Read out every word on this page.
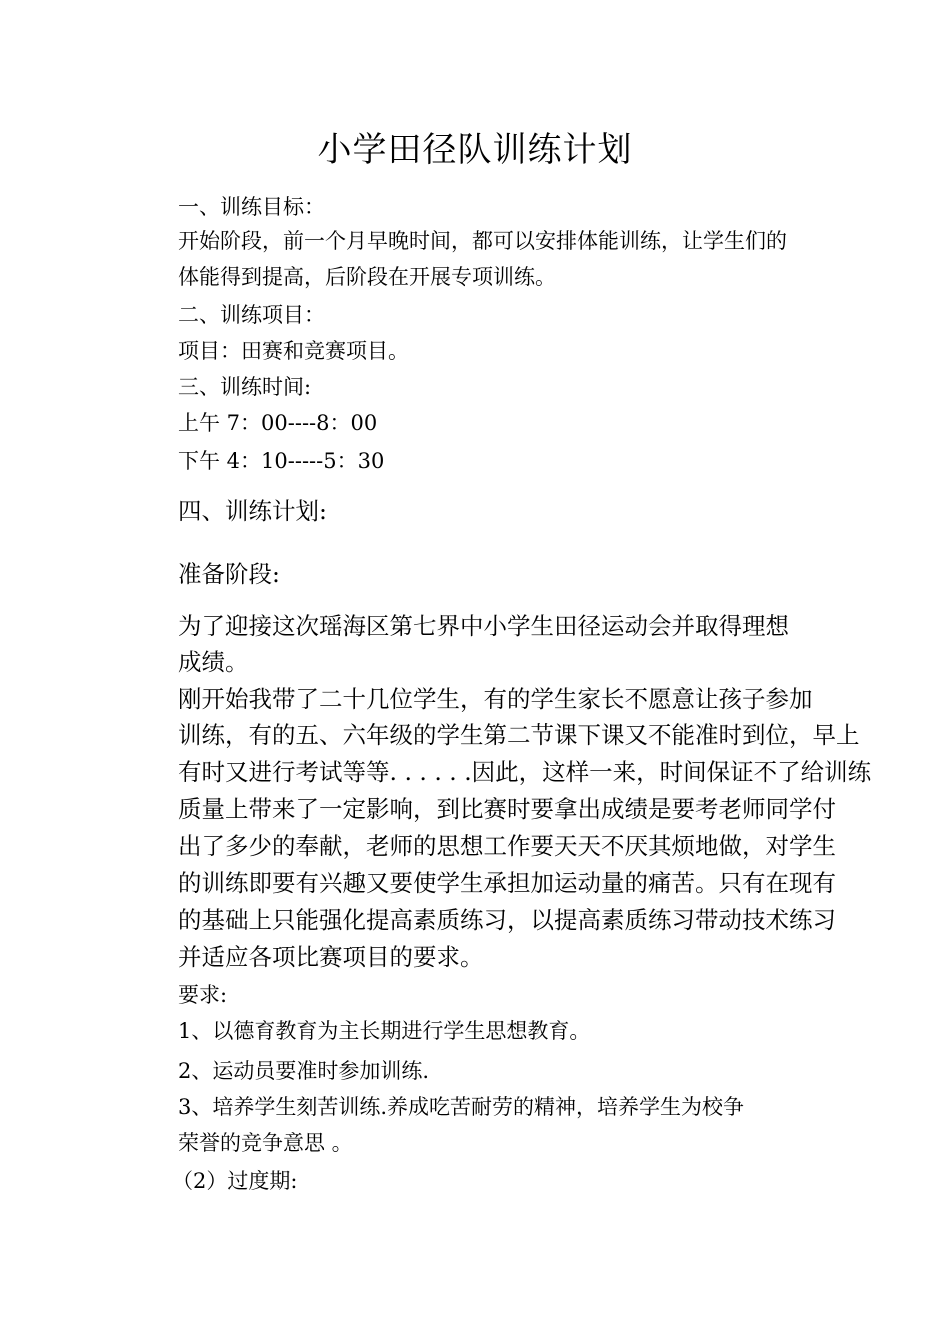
小学田径队训练计划

一、训练目标：

开始阶段，前一个月早晚时间，都可以安排体能训练，让学生们的

体能得到提高，后阶段在开展专项训练。

二、训练项目：

项目：田赛和竞赛项目。

三、训练时间:

上午 7：00----8：00

下午 4：10-----5：30

四、训练计划:

准备阶段:

为了迎接这次瑶海区第七界中小学生田径运动会并取得理想

成绩。

刚开始我带了二十几位学生，有的学生家长不愿意让孩子参加

训练，有的五、六年级的学生第二节课下课又不能准时到位，早上

有时又进行考试等等. . . . . .因此，这样一来，时间保证不了给训练

质量上带来了一定影响，到比赛时要拿出成绩是要考老师同学付

出了多少的奉献，老师的思想工作要天天不厌其烦地做，对学生

的训练即要有兴趣又要使学生承担加运动量的痛苦。只有在现有

的基础上只能强化提高素质练习，以提高素质练习带动技术练习

并适应各项比赛项目的要求。

要求:

1、以德育教育为主长期进行学生思想教育。

2、运动员要准时参加训练.

3、培养学生刻苦训练.养成吃苦耐劳的精神，培养学生为校争

荣誉的竞争意思 。

（2）过度期:
